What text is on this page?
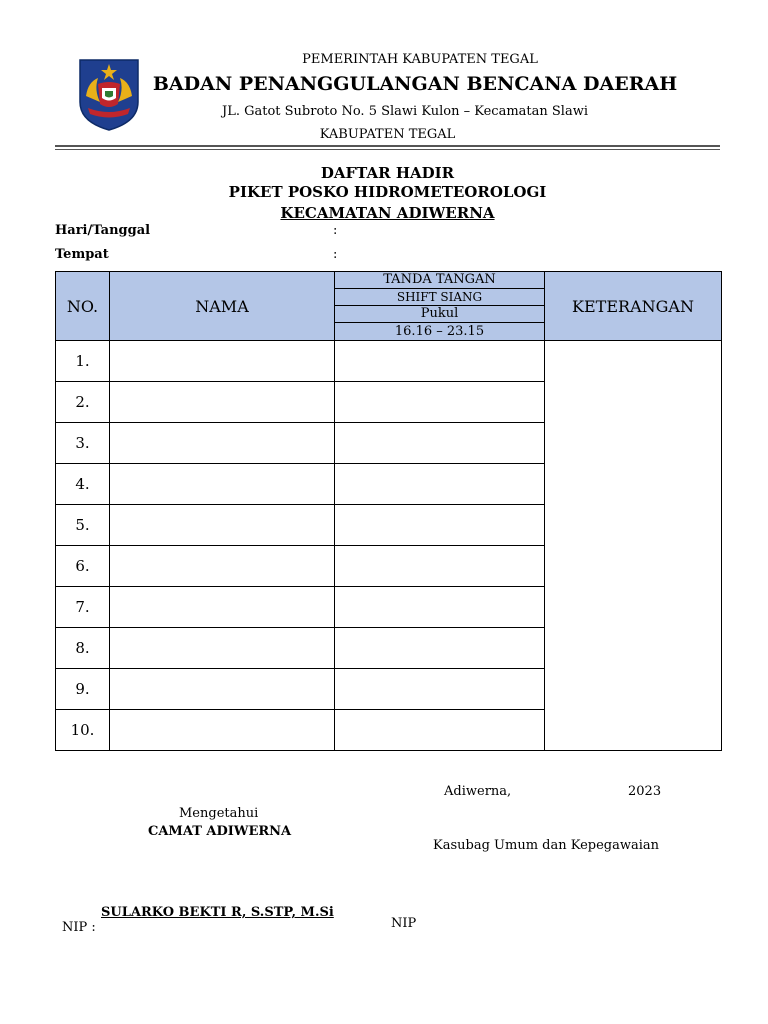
PEMERINTAH KABUPATEN TEGAL
BADAN PENANGGULANGAN BENCANA DAERAH
JL. Gatot Subroto No. 5 Slawi Kulon – Kecamatan Slawi
KABUPATEN TEGAL
DAFTAR HADIR
PIKET POSKO HIDROMETEOROLOGI
KECAMATAN ADIWERNA
Hari/Tanggal	:
Tempat	:
NO.	NAMA	TANDA TANGAN	KETERANGAN
		SHIFT SIANG	
		Pukul	
		16.16 – 23.15	
1.			
2.			
3.			
4.			
5.			
6.			
7.			
8.			
9.			
10.			
Adiwerna,	2023
Mengetahui
CAMAT ADIWERNA
Kasubag Umum dan Kepegawaian
SULARKO BEKTI R, S.STP, M.Si
NIP :	NIP
